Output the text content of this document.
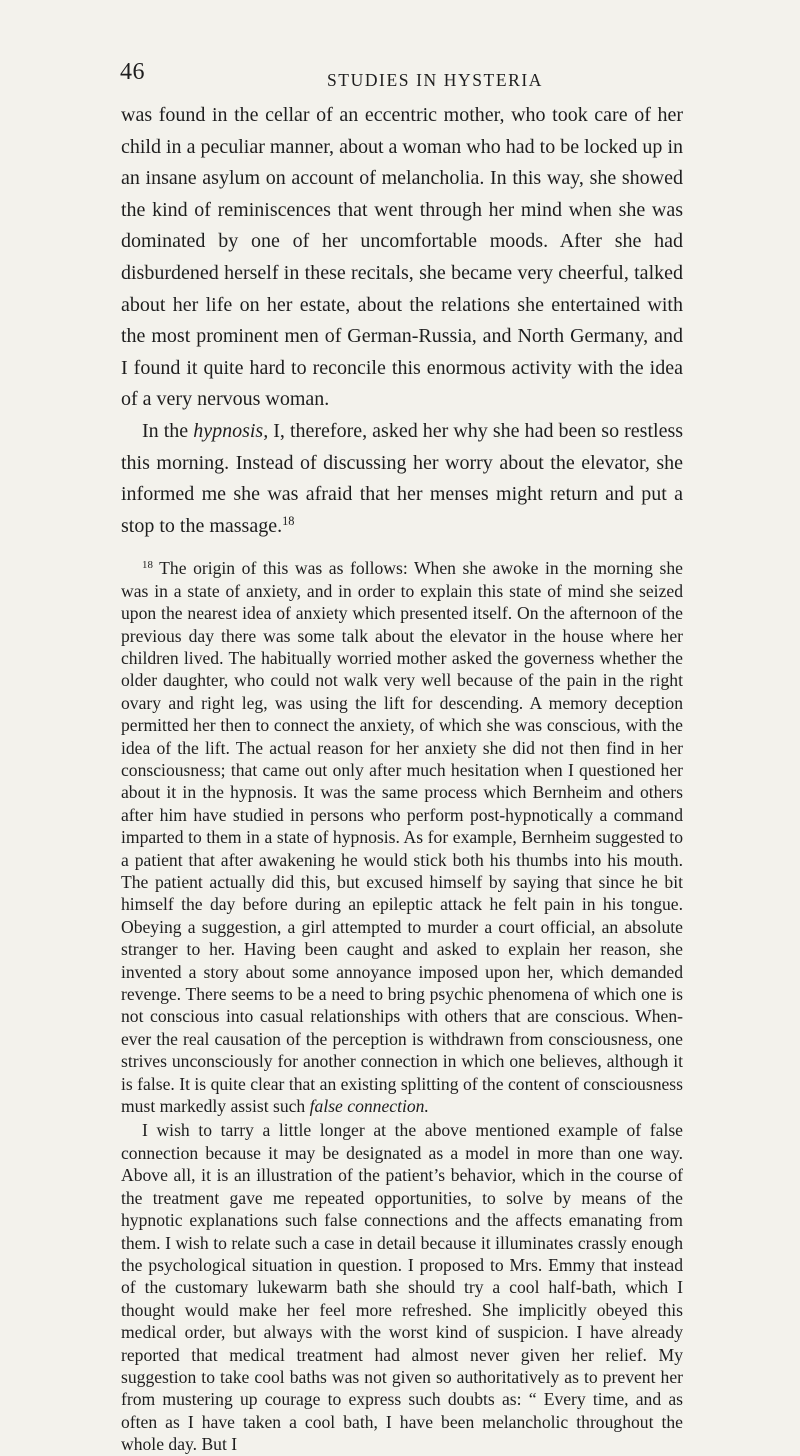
46	STUDIES IN HYSTERIA

was found in the cellar of an eccentric mother, who took care of her child in a peculiar manner, about a woman who had to be locked up in an insane asylum on account of melancholia. In this way, she showed the kind of reminiscences that went through her mind when she was dominated by one of her uncomfortable moods. After she had disburdened herself in these recitals, she became very cheerful, talked about her life on her estate, about the relations she entertained with the most prominent men of German-Russia, and North Germany, and I found it quite hard to reconcile this enormous activity with the idea of a very nervous woman.

In the hypnosis, I, therefore, asked her why she had been so restless this morning. Instead of discussing her worry about the elevator, she informed me she was afraid that her menses might return and put a stop to the massage.$^{18}$

$^{18}$ The origin of this was as follows: When she awoke in the morning she was in a state of anxiety, and in order to explain this state of mind she seized upon the nearest idea of anxiety which presented itself. On the afternoon of the previous day there was some talk about the elevator in the house where her children lived. The habitually worried mother asked the governess whether the older daughter, who could not walk very well because of the pain in the right ovary and right leg, was using the lift for descending. A memory deception permitted her then to connect the anxiety, of which she was conscious, with the idea of the lift. The actual reason for her anxiety she did not then find in her consciousness; that came out only after much hesitation when I questioned her about it in the hypnosis. It was the same process which Bernheim and others after him have studied in persons who perform post-hypnotically a command imparted to them in a state of hypnosis. As for example, Bernheim suggested to a patient that after awakening he would stick both his thumbs into his mouth. The patient actually did this, but excused himself by saying that since he bit himself the day before during an epileptic attack he felt pain in his tongue. Obeying a suggestion, a girl attempted to murder a court official, an absolute stranger to her. Having been caught and asked to explain her reason, she invented a story about some annoyance imposed upon her, which demanded revenge. There seems to be a need to bring psychic phenomena of which one is not conscious into casual relationships with others that are conscious. Whenever the real causation of the perception is withdrawn from consciousness, one strives unconsciously for another connection in which one believes, although it is false. It is quite clear that an existing splitting of the content of consciousness must markedly assist such false connection.

I wish to tarry a little longer at the above mentioned example of false connection because it may be designated as a model in more than one way. Above all, it is an illustration of the patient’s behavior, which in the course of the treatment gave me repeated opportunities, to solve by means of the hypnotic explanations such false connections and the affects emanating from them. I wish to relate such a case in detail because it illuminates crassly enough the psychological situation in question. I proposed to Mrs. Emmy that instead of the customary lukewarm bath she should try a cool half-bath, which I thought would make her feel more refreshed. She implicitly obeyed this medical order, but always with the worst kind of suspicion. I have already reported that medical treatment had almost never given her relief. My suggestion to take cool baths was not given so authoritatively as to prevent her from mustering up courage to express such doubts as: “ Every time, and as often as I have taken a cool bath, I have been melancholic throughout the whole day. But I
